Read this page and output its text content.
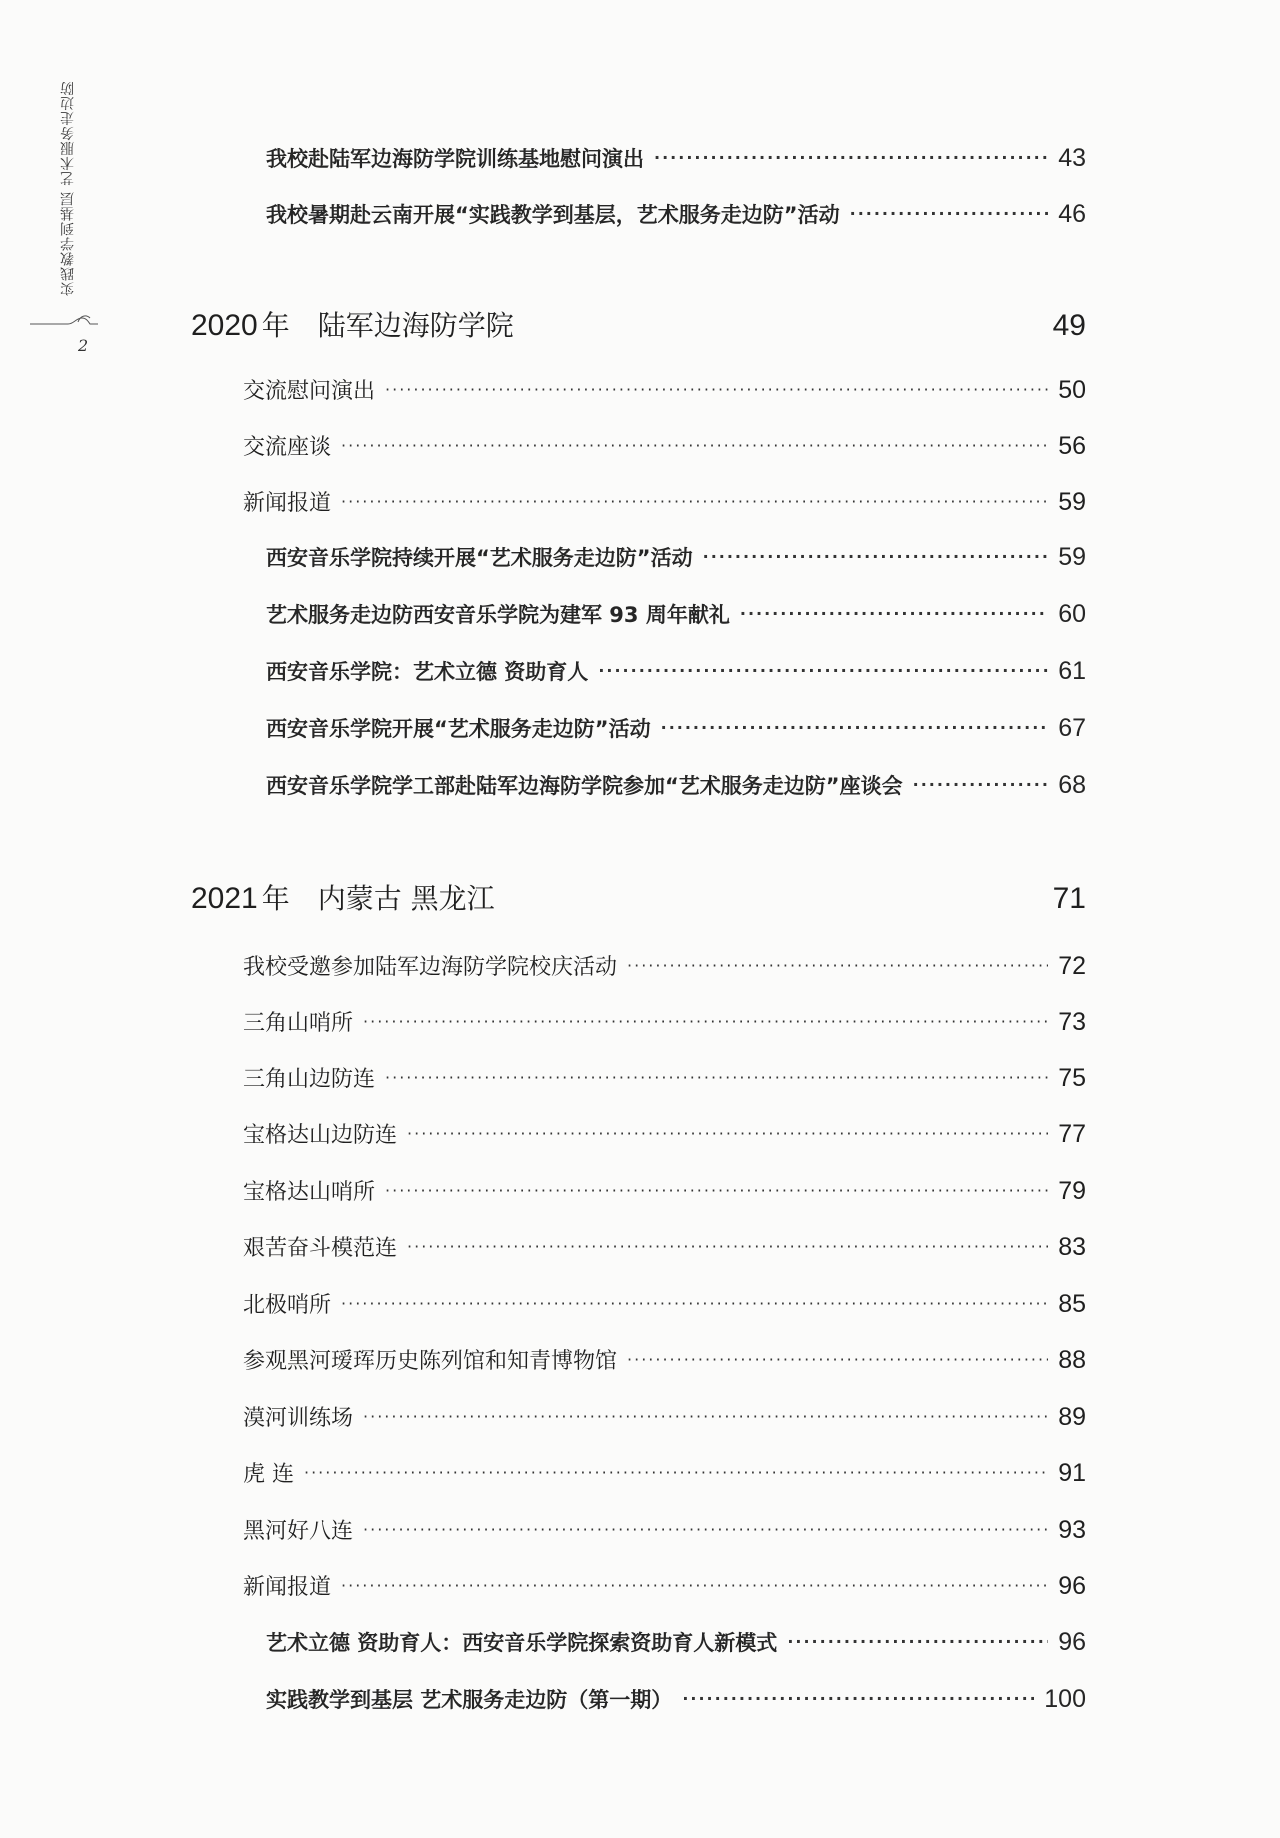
实践教学到基层 艺术服务走边防
2
我校赴陆军边海防学院训练基地慰问演出 ·····	43
我校暑期赴云南开展“实践教学到基层，艺术服务走边防”活动 ·····	46
2020 年 陆军边海防学院	49
交流慰问演出 ·····	50
交流座谈 ·····	56
新闻报道 ·····	59
西安音乐学院持续开展“艺术服务走边防”活动 ·····	59
艺术服务走边防西安音乐学院为建军 93 周年献礼 ·····	60
西安音乐学院：艺术立德 资助育人 ·····	61
西安音乐学院开展“艺术服务走边防”活动 ·····	67
西安音乐学院学工部赴陆军边海防学院参加“艺术服务走边防”座谈会 ·····	68
2021 年 内蒙古 黑龙江	71
我校受邀参加陆军边海防学院校庆活动 ·····	72
三角山哨所 ·····	73
三角山边防连 ·····	75
宝格达山边防连 ·····	77
宝格达山哨所 ·····	79
艰苦奋斗模范连 ·····	83
北极哨所 ·····	85
参观黑河瑷珲历史陈列馆和知青博物馆 ·····	88
漠河训练场 ·····	89
虎 连 ·····	91
黑河好八连 ·····	93
新闻报道 ·····	96
艺术立德 资助育人：西安音乐学院探索资助育人新模式 ·····	96
实践教学到基层 艺术服务走边防（第一期） ·····	100
